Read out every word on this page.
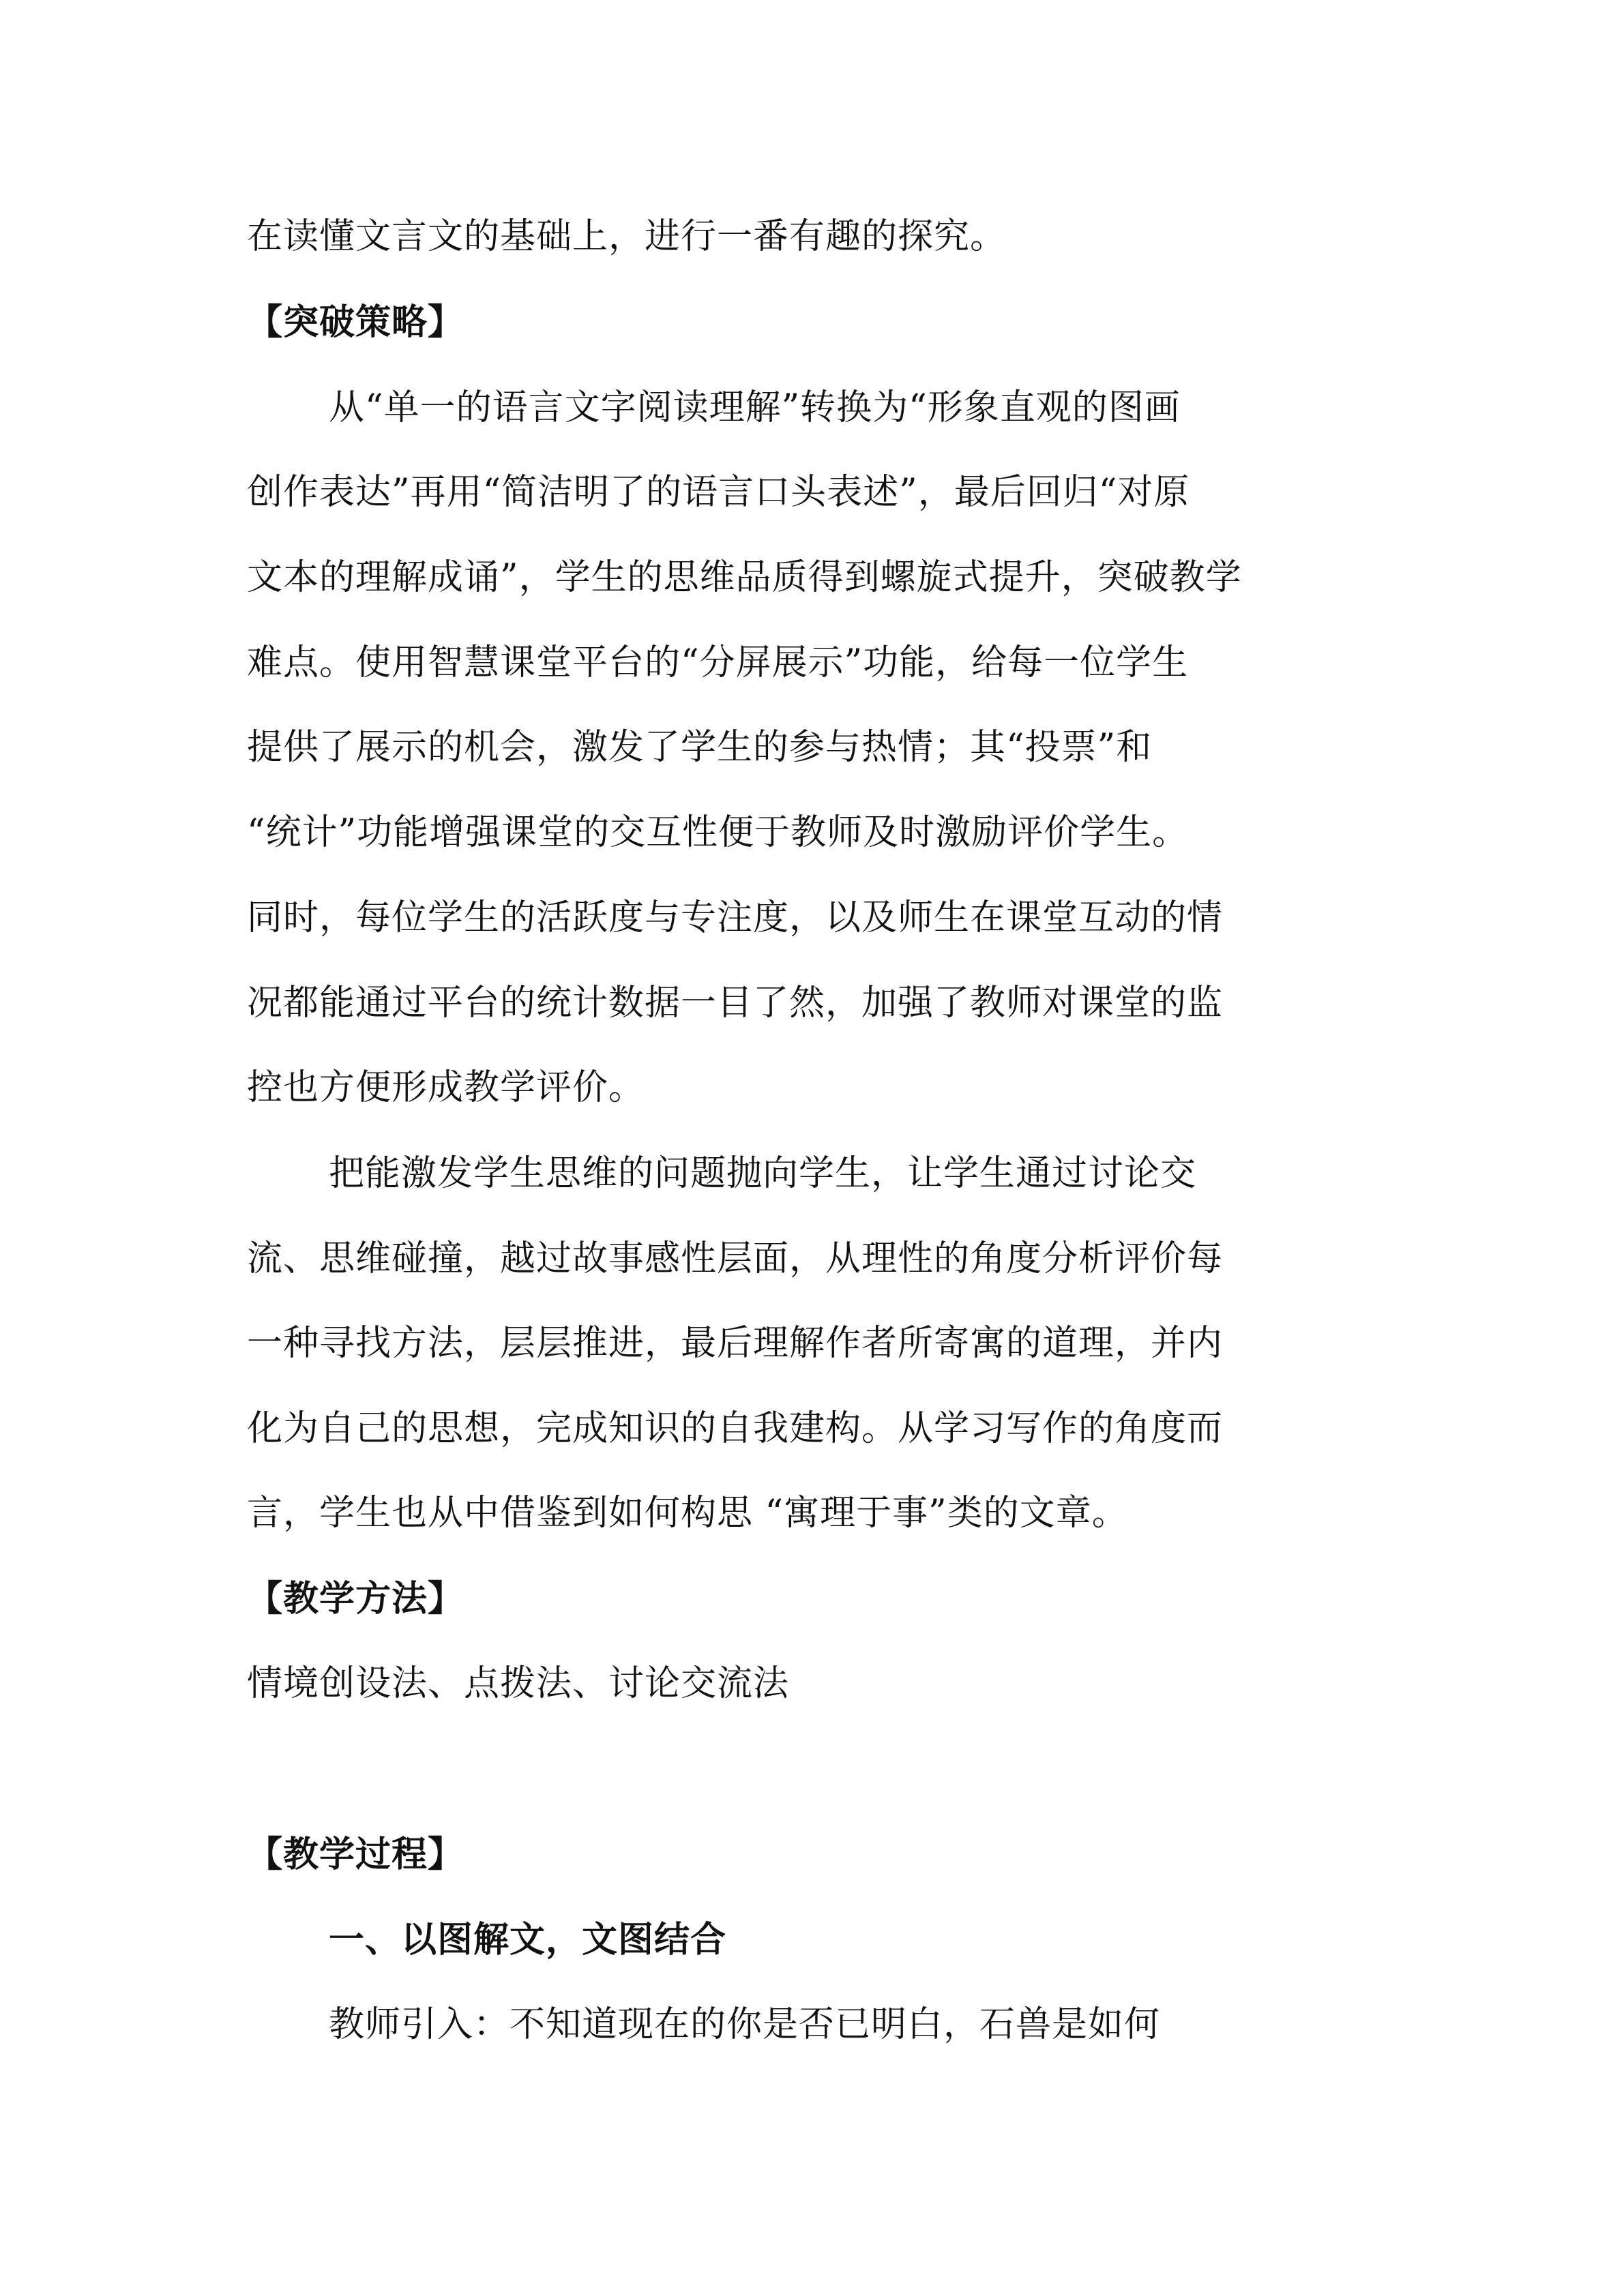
在读懂文言文的基础上，进行一番有趣的探究。
【突破策略】
从“单一的语言文字阅读理解”转换为“形象直观的图画
创作表达”再用“简洁明了的语言口头表述”，最后回归“对原
文本的理解成诵”，学生的思维品质得到螺旋式提升，突破教学
难点。使用智慧课堂平台的“分屏展示”功能，给每一位学生
提供了展示的机会，激发了学生的参与热情；其“投票”和
“统计”功能增强课堂的交互性便于教师及时激励评价学生。
同时，每位学生的活跃度与专注度，以及师生在课堂互动的情
况都能通过平台的统计数据一目了然，加强了教师对课堂的监
控也方便形成教学评价。
把能激发学生思维的问题抛向学生，让学生通过讨论交
流、思维碰撞，越过故事感性层面，从理性的角度分析评价每
一种寻找方法，层层推进，最后理解作者所寄寓的道理，并内
化为自己的思想，完成知识的自我建构。从学习写作的角度而
言，学生也从中借鉴到如何构思 “寓理于事”类的文章。
【教学方法】
情境创设法、点拨法、讨论交流法
【教学过程】
一、以图解文，文图结合
教师引入：不知道现在的你是否已明白，石兽是如何
